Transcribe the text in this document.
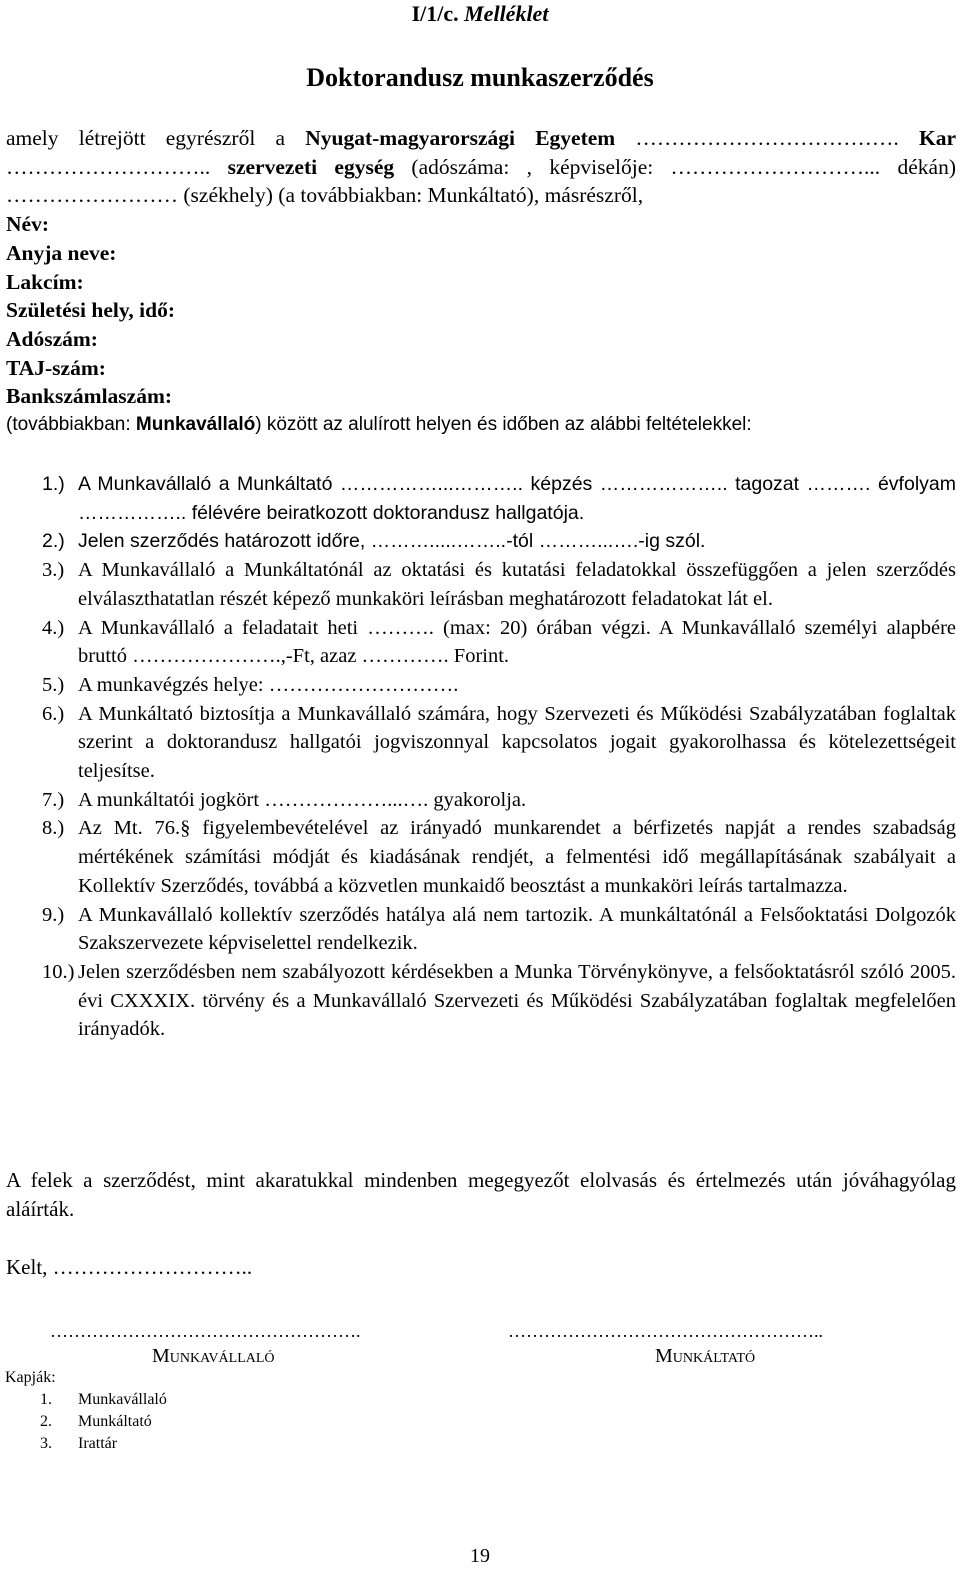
I/1/c. Melléklet
Doktorandusz munkaszerződés

amely létrejött egyrészről a Nyugat-magyarországi Egyetem ………………………………. Kar ……………………….. szervezeti egység (adószáma: , képviselője: ………………………... dékán) …………………… (székhely) (a továbbiakban: Munkáltató), másrészről,

Név:

Anyja neve:

Lakcím:

Születési hely, idő:

Adószám:

TAJ-szám:

Bankszámlaszám:

(továbbiakban: Munkavállaló) között az alulírott helyen és időben az alábbi feltételekkel:

1.) A Munkavállaló a Munkáltató ……………...……….. képzés ……………….. tagozat ………. évfolyam …………….. félévére beiratkozott doktorandusz hallgatója.
2.) Jelen szerződés határozott időre, ……….....……..-tól ………...….-ig szól.
3.) A Munkavállaló a Munkáltatónál az oktatási és kutatási feladatokkal összefüggően a jelen szerződés elválaszthatatlan részét képező munkaköri leírásban meghatározott feladatokat lát el.
4.) A Munkavállaló a feladatait heti ………. (max: 20) órában végzi. A Munkavállaló személyi alapbére bruttó ………………….,-Ft, azaz …………. Forint.
5.) A munkavégzés helye: ……………………….
6.) A Munkáltató biztosítja a Munkavállaló számára, hogy Szervezeti és Működési Szabályzatában foglaltak szerint a doktorandusz hallgatói jogviszonnyal kapcsolatos jogait gyakorolhassa és kötelezettségeit teljesítse.
7.) A munkáltatói jogkört ………………...…. gyakorolja.
8.) Az Mt. 76.§ figyelembevételével az irányadó munkarendet a bérfizetés napját a rendes szabadság mértékének számítási módját és kiadásának rendjét, a felmentési idő megállapításának szabályait a Kollektív Szerződés, továbbá a közvetlen munkaidő beosztást a munkaköri leírás tartalmazza.
9.) A Munkavállaló kollektív szerződés hatálya alá nem tartozik. A munkáltatónál a Felsőoktatási Dolgozók Szakszervezete képviselettel rendelkezik.
10.) Jelen szerződésben nem szabályozott kérdésekben a Munka Törvénykönyve, a felsőoktatásról szóló 2005. évi CXXXIX. törvény és a Munkavállaló Szervezeti és Működési Szabályzatában foglaltak megfelelően irányadók.
A felek a szerződést, mint akaratukkal mindenben megegyezőt elolvasás és értelmezés után jóváhagyólag aláírták.
Kelt, ………………………..
…………………………………………….	……………………………………………..
Munkavállaló	Munkáltató
Kapják:
1.	Munkavállaló
2.	Munkáltató
3.	Irattár
19
